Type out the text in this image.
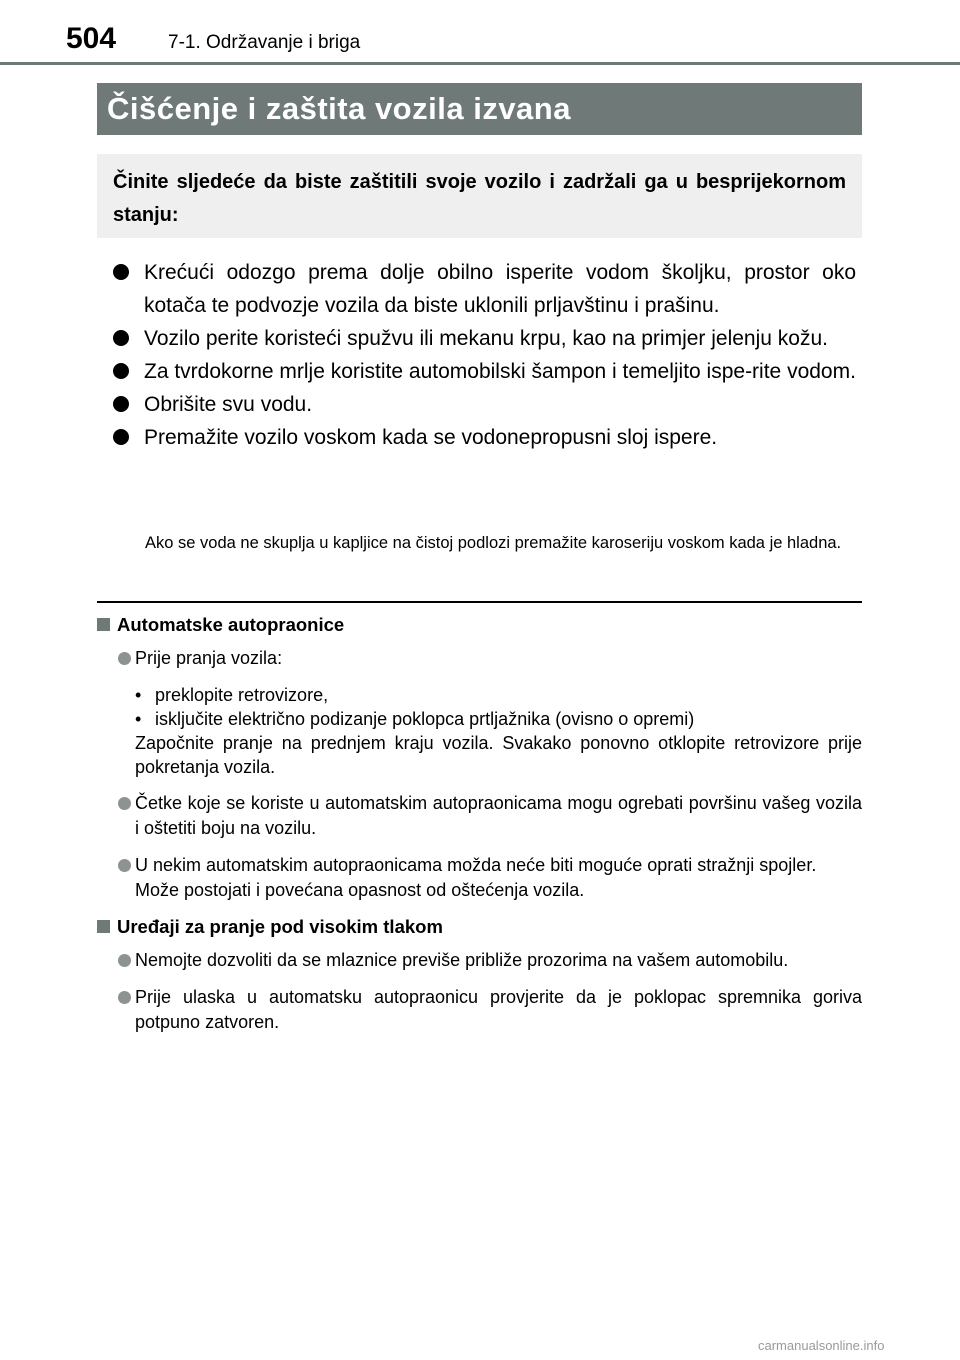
504	7-1. Održavanje i briga
Čišćenje i zaštita vozila izvana
Činite sljedeće da biste zaštitili svoje vozilo i zadržali ga u besprijekornom stanju:
Krećući odozgo prema dolje obilno isperite vodom školjku, prostor oko kotača te podvozje vozila da biste uklonili prljavštinu i prašinu.
Vozilo perite koristeći spužvu ili mekanu krpu, kao na primjer jelenju kožu.
Za tvrdokorne mrlje koristite automobilski šampon i temeljito ispe-rite vodom.
Obrišite svu vodu.
Premažite vozilo voskom kada se vodonepropusni sloj ispere.
Ako se voda ne skuplja u kapljice na čistoj podlozi premažite karoseriju voskom kada je hladna.
Automatske autopraonice
Prije pranja vozila:
• preklopite retrovizore,
• isključite električno podizanje poklopca prtljažnika (ovisno o opremi)
Započnite pranje na prednjem kraju vozila. Svakako ponovno otklopite retrovizore prije pokretanja vozila.
Četke koje se koriste u automatskim autopraonicama mogu ogrebati površinu vašeg vozila i oštetiti boju na vozilu.
U nekim automatskim autopraonicama možda neće biti moguće oprati stražnji spojler.
Može postojati i povećana opasnost od oštećenja vozila.
Uređaji za pranje pod visokim tlakom
Nemojte dozvoliti da se mlaznice previše približe prozorima na vašem automobilu.
Prije ulaska u automatsku autopraonicu provjerite da je poklopac spremnika goriva potpuno zatvoren.
carmanualsonline.info
